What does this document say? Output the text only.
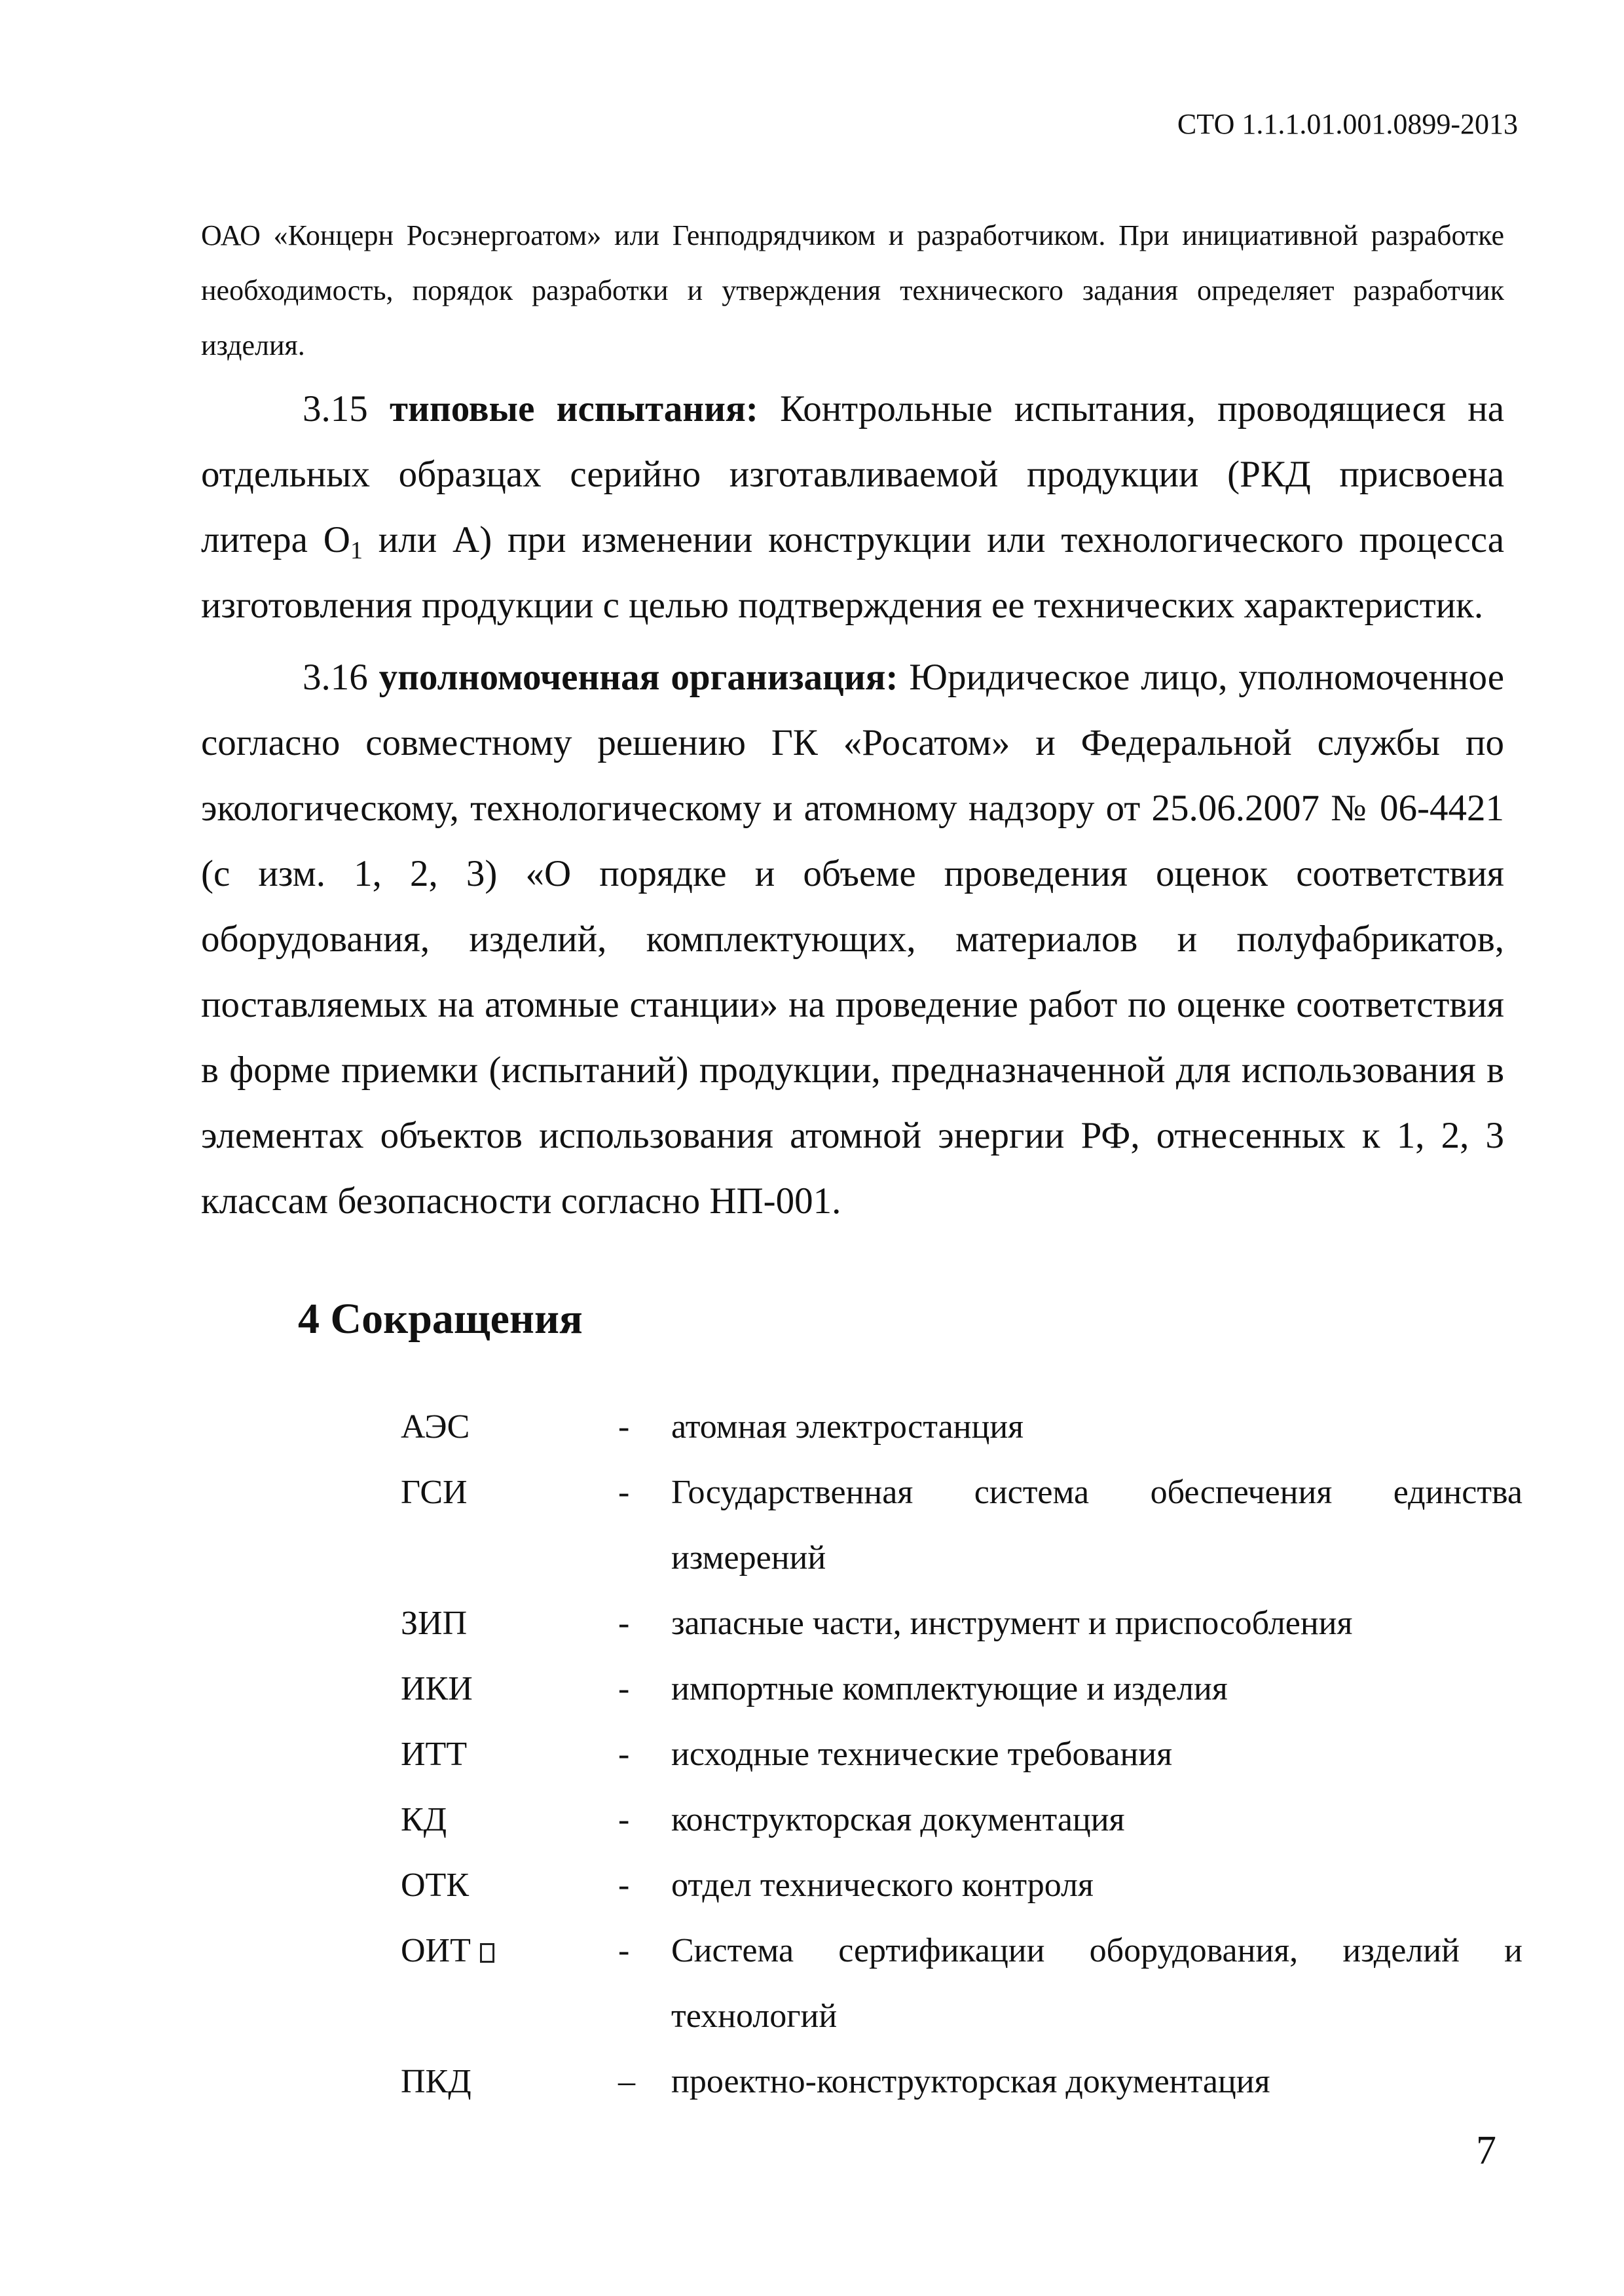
СТО 1.1.1.01.001.0899-2013

ОАО «Концерн Росэнергоатом» или Генподрядчиком и разработчиком. При инициативной разработке необходимость, порядок разработки и утверждения технического задания определяет разработчик изделия.

3.15 типовые испытания: Контрольные испытания, проводящиеся на отдельных образцах серийно изготавливаемой продукции (РКД присвоена литера $О_1$ или А) при изменении конструкции или технологического процесса изготовления продукции с целью подтверждения ее технических характеристик.

3.16 уполномоченная организация: Юридическое лицо, уполномоченное согласно совместному решению ГК «Росатом» и Федеральной службы по экологическому, технологическому и атомному надзору от 25.06.2007 № 06-4421 (с изм. 1, 2, 3) «О порядке и объеме проведения оценок соответствия оборудования, изделий, комплектующих, материалов и полуфабрикатов, поставляемых на атомные станции» на проведение работ по оценке соответствия в форме приемки (испытаний) продукции, предназначенной для использования в элементах объектов использования атомной энергии РФ, отнесенных к 1, 2, 3 классам безопасности согласно НП-001.

4 Сокращения
АЭС	- атомная электростанция
ГСИ	- Государственная система обеспечения единства измерений
ЗИП	- запасные части, инструмент и приспособления
ИКИ	- импортные комплектующие и изделия
ИТТ	- исходные технические требования
КД	- конструкторская документация
ОТК	- отдел технического контроля
ОИТ	- Система сертификации оборудования, изделий и технологий
ПКД	– проектно-конструкторская документация
7
